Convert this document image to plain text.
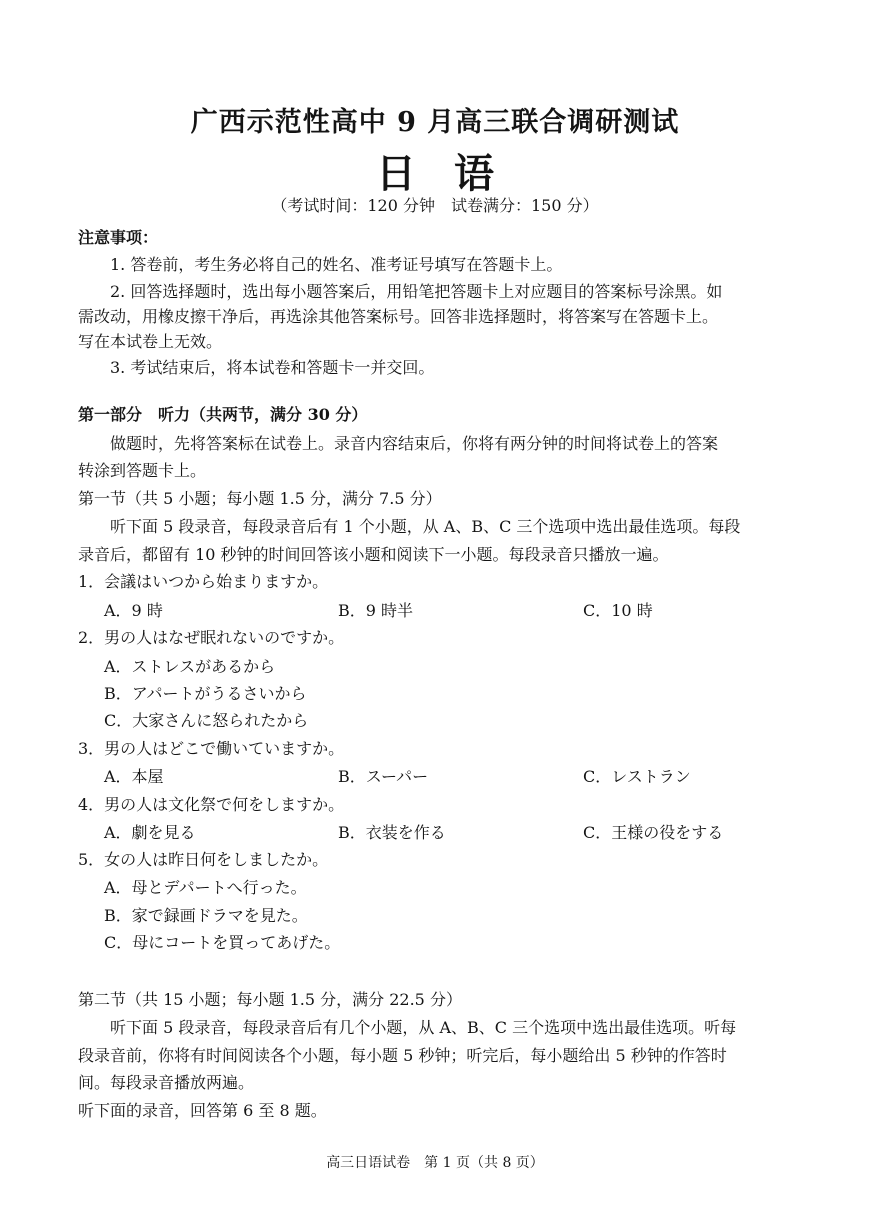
广西示范性高中 9 月高三联合调研测试
日语
（考试时间：120 分钟　试卷满分：150 分）
注意事项：
1. 答卷前，考生务必将自己的姓名、准考证号填写在答题卡上。
2. 回答选择题时，选出每小题答案后，用铅笔把答题卡上对应题目的答案标号涂黑。如
需改动，用橡皮擦干净后，再选涂其他答案标号。回答非选择题时，将答案写在答题卡上。
写在本试卷上无效。
3. 考试结束后，将本试卷和答题卡一并交回。
第一部分　听力（共两节，满分 30 分）
做题时，先将答案标在试卷上。录音内容结束后，你将有两分钟的时间将试卷上的答案
转涂到答题卡上。
第一节（共 5 小题；每小题 1.5 分，满分 7.5 分）
听下面 5 段录音，每段录音后有 1 个小题，从 A、B、C 三个选项中选出最佳选项。每段
录音后，都留有 10 秒钟的时间回答该小题和阅读下一小题。每段录音只播放一遍。
1．会議はいつから始まりますか。
A．9 時	B．9 時半	C．10 時
2．男の人はなぜ眠れないのですか。
A．ストレスがあるから
B．アパートがうるさいから
C．大家さんに怒られたから
3．男の人はどこで働いていますか。
A．本屋	B．スーパー	C．レストラン
4．男の人は文化祭で何をしますか。
A．劇を見る	B．衣装を作る	C．王様の役をする
5．女の人は昨日何をしましたか。
A．母とデパートへ行った。
B．家で録画ドラマを見た。
C．母にコートを買ってあげた。
第二节（共 15 小题；每小题 1.5 分，满分 22.5 分）
听下面 5 段录音，每段录音后有几个小题，从 A、B、C 三个选项中选出最佳选项。听每
段录音前，你将有时间阅读各个小题，每小题 5 秒钟；听完后，每小题给出 5 秒钟的作答时
间。每段录音播放两遍。
听下面的录音，回答第 6 至 8 题。
高三日语试卷　第 1 页（共 8 页）
